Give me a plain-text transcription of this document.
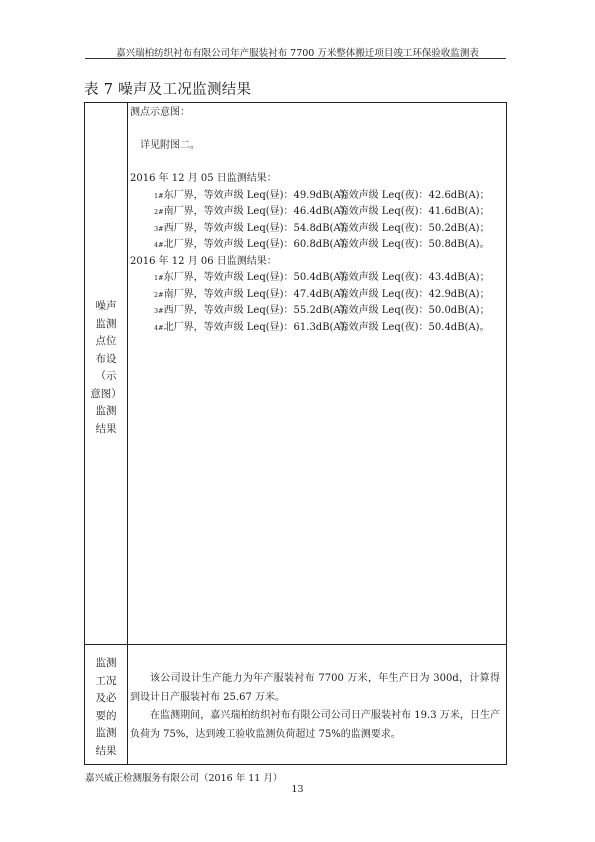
嘉兴瑞柏纺织衬布有限公司年产服装衬布 7700 万米整体搬迁项目竣工环保验收监测表
表 7 噪声及工况监测结果
噪声
监测
点位
布设
（示
意图）
监测
结果
测点示意图：
详见附图二。
2016 年 12 月 05 日监测结果：
$^{1\#}$ 东厂界， 等效声级 Leq(昼)：49.9dB(A)；
等效声级 Leq(夜)：42.6dB(A)；
$^{2\#}$ 南厂界， 等效声级 Leq(昼)：46.4dB(A)；
等效声级 Leq(夜)：41.6dB(A)；
$^{3\#}$ 西厂界， 等效声级 Leq(昼)：54.8dB(A)；
等效声级 Leq(夜)：50.2dB(A)；
$^{4\#}$ 北厂界， 等效声级 Leq(昼)：60.8dB(A)；
等效声级 Leq(夜)：50.8dB(A)。
2016 年 12 月 06 日监测结果：
$^{1\#}$ 东厂界， 等效声级 Leq(昼)：50.4dB(A)；
等效声级 Leq(夜)：43.4dB(A)；
$^{2\#}$ 南厂界， 等效声级 Leq(昼)：47.4dB(A)；
等效声级 Leq(夜)：42.9dB(A)；
$^{3\#}$ 西厂界， 等效声级 Leq(昼)：55.2dB(A)；
等效声级 Leq(夜)：50.0dB(A)；
$^{4\#}$ 北厂界， 等效声级 Leq(昼)：61.3dB(A)；
等效声级 Leq(夜)：50.4dB(A)。
监测
工况
及必
要的
监测
结果
该公司设计生产能力为年产服装衬布 7700 万米，年生产日为 300d，计算得到设计日产服装衬布 25.67 万米。
在监测期间，嘉兴瑞柏纺织衬布有限公司公司日产服装衬布 19.3 万米，日生产负荷为 75%，达到竣工验收监测负荷超过 75%的监测要求。
嘉兴威正检测服务有限公司（2016 年 11 月）
13
